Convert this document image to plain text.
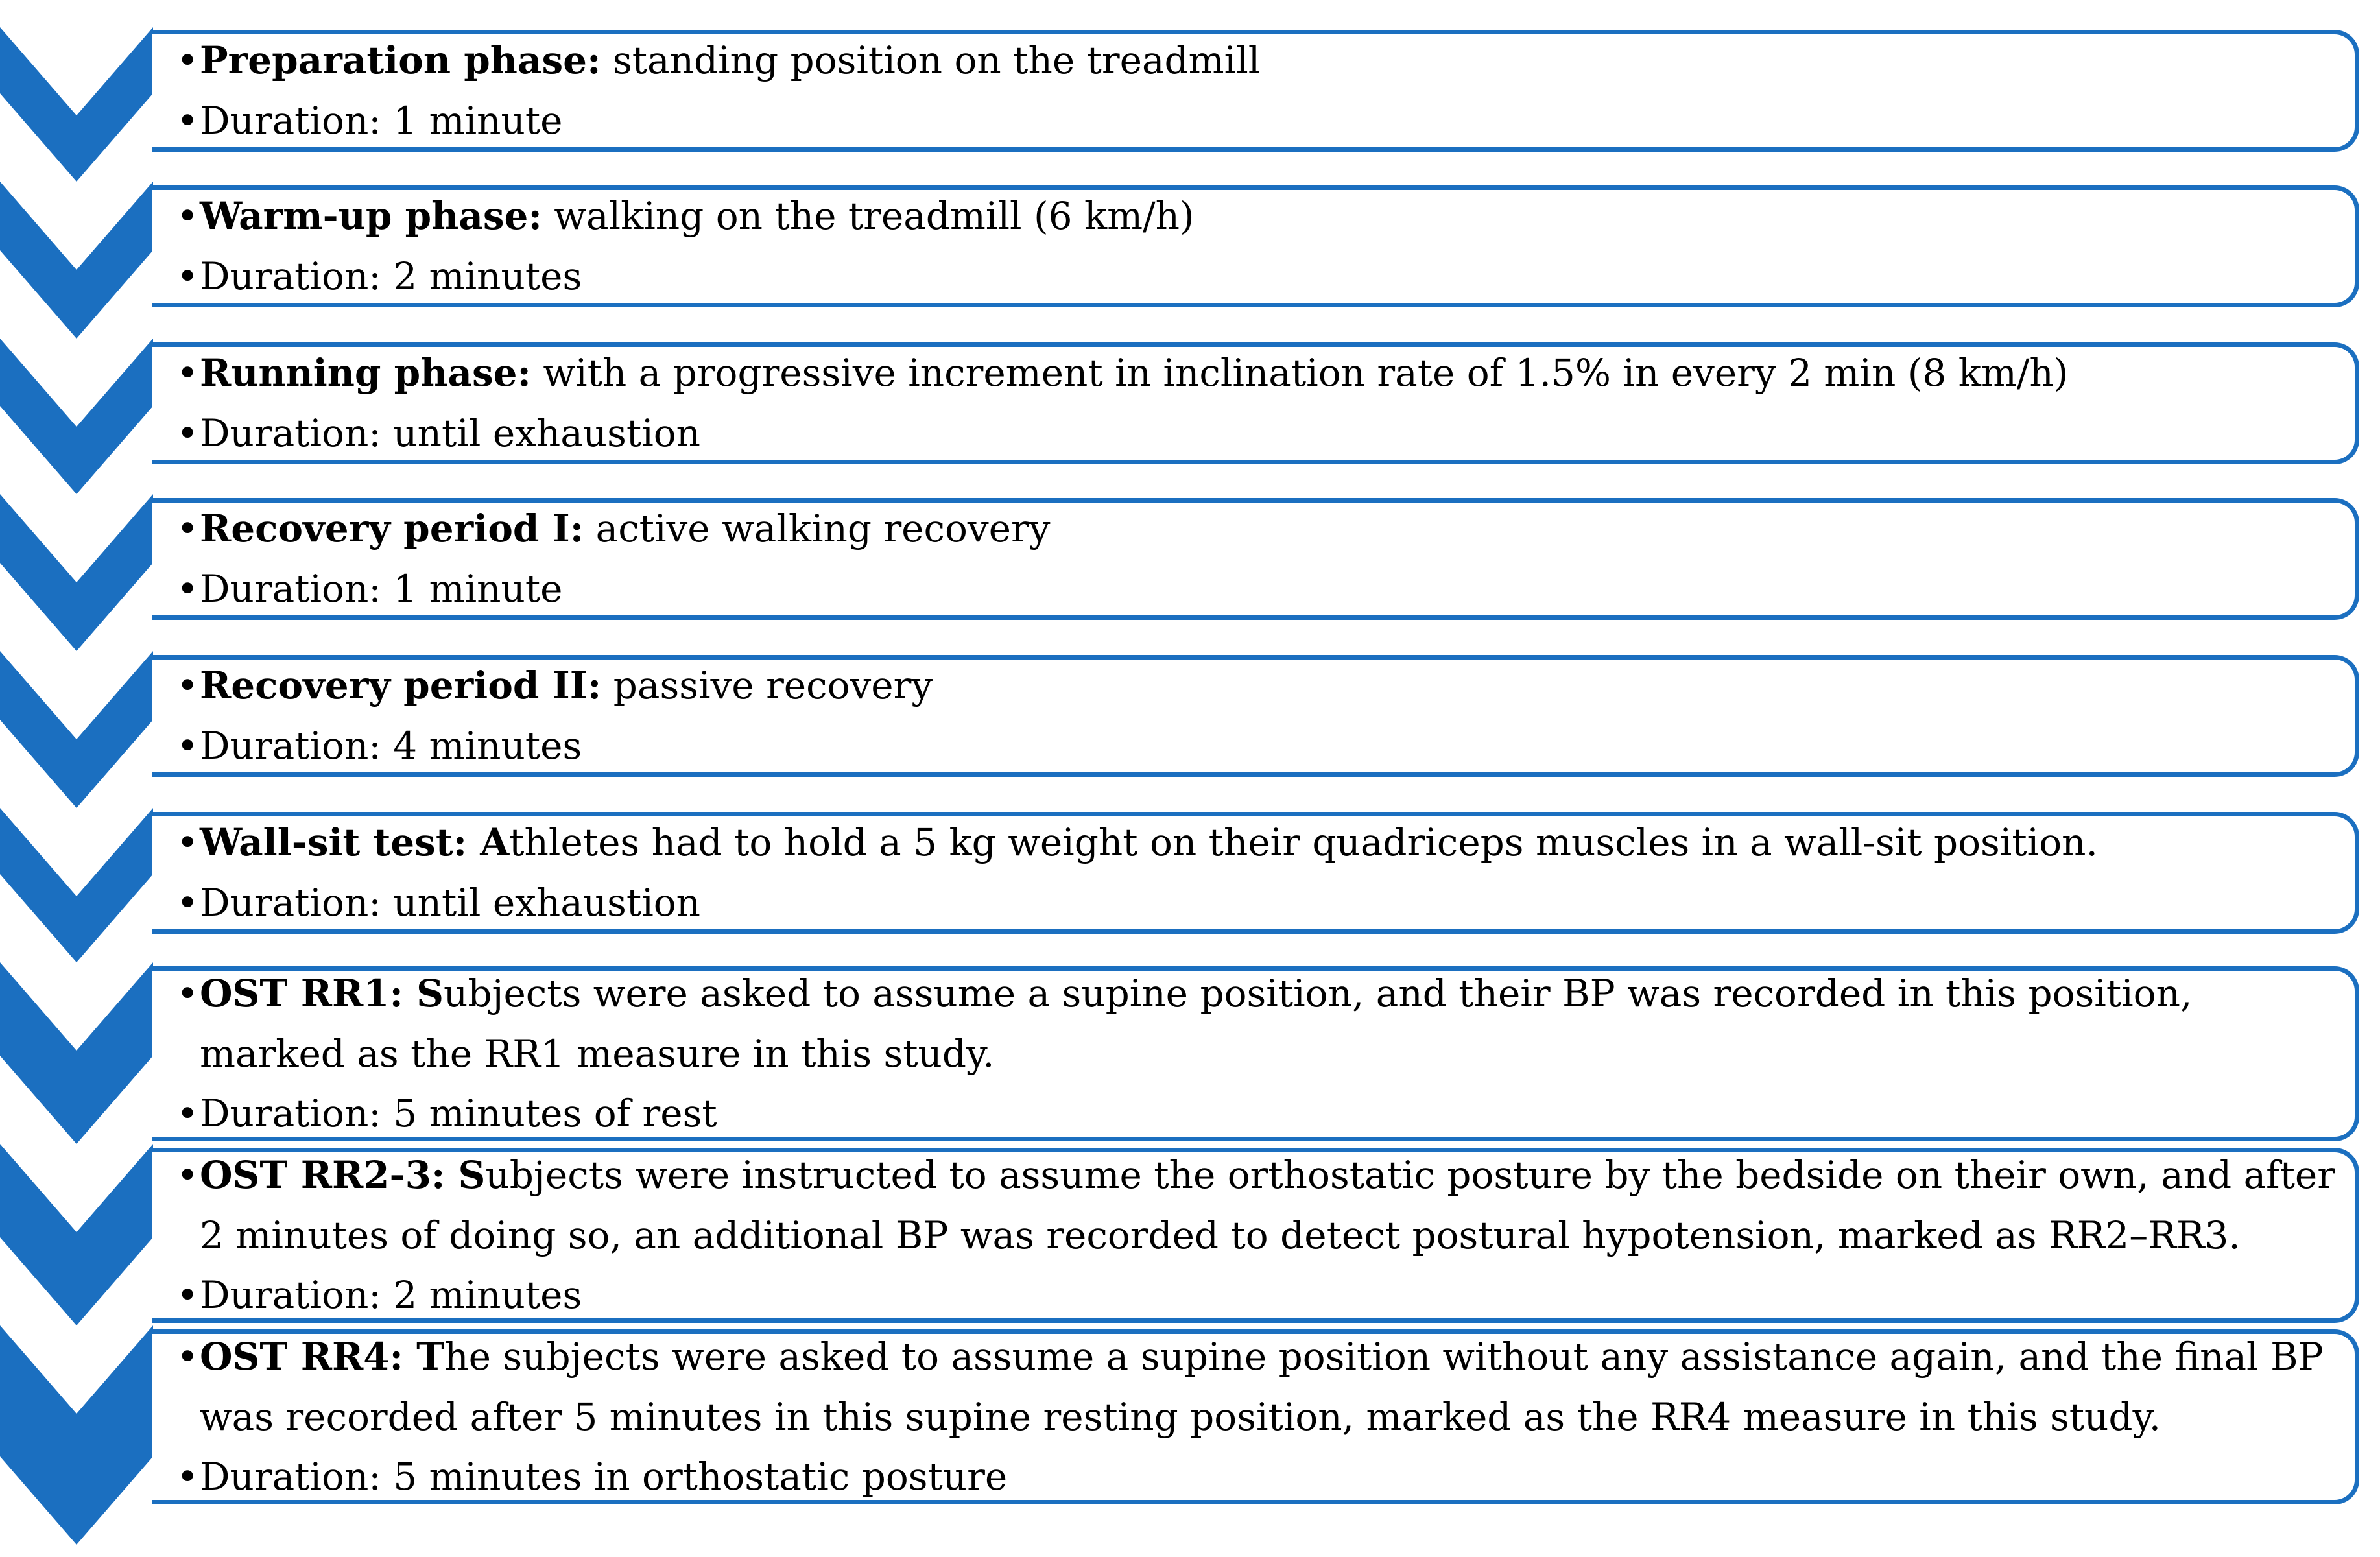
• Preparation phase: standing position on the treadmill
• Duration: 1 minute
• Warm-up phase: walking on the treadmill (6 km/h)
• Duration: 2 minutes
• Running phase: with a progressive increment in inclination rate of 1.5% in every 2 min (8 km/h)
• Duration: until exhaustion
• Recovery period I: active walking recovery
• Duration: 1 minute
• Recovery period II: passive recovery
• Duration: 4 minutes
• Wall-sit test: Athletes had to hold a 5 kg weight on their quadriceps muscles in a wall-sit position.
• Duration: until exhaustion
• OST RR1: Subjects were asked to assume a supine position, and their BP was recorded in this position, marked as the RR1 measure in this study.
• Duration: 5 minutes of rest
• OST RR2-3: Subjects were instructed to assume the orthostatic posture by the bedside on their own, and after 2 minutes of doing so, an additional BP was recorded to detect postural hypotension, marked as RR2–RR3.
• Duration: 2 minutes
• OST RR4: The subjects were asked to assume a supine position without any assistance again, and the final BP was recorded after 5 minutes in this supine resting position, marked as the RR4 measure in this study.
• Duration: 5 minutes in orthostatic posture
